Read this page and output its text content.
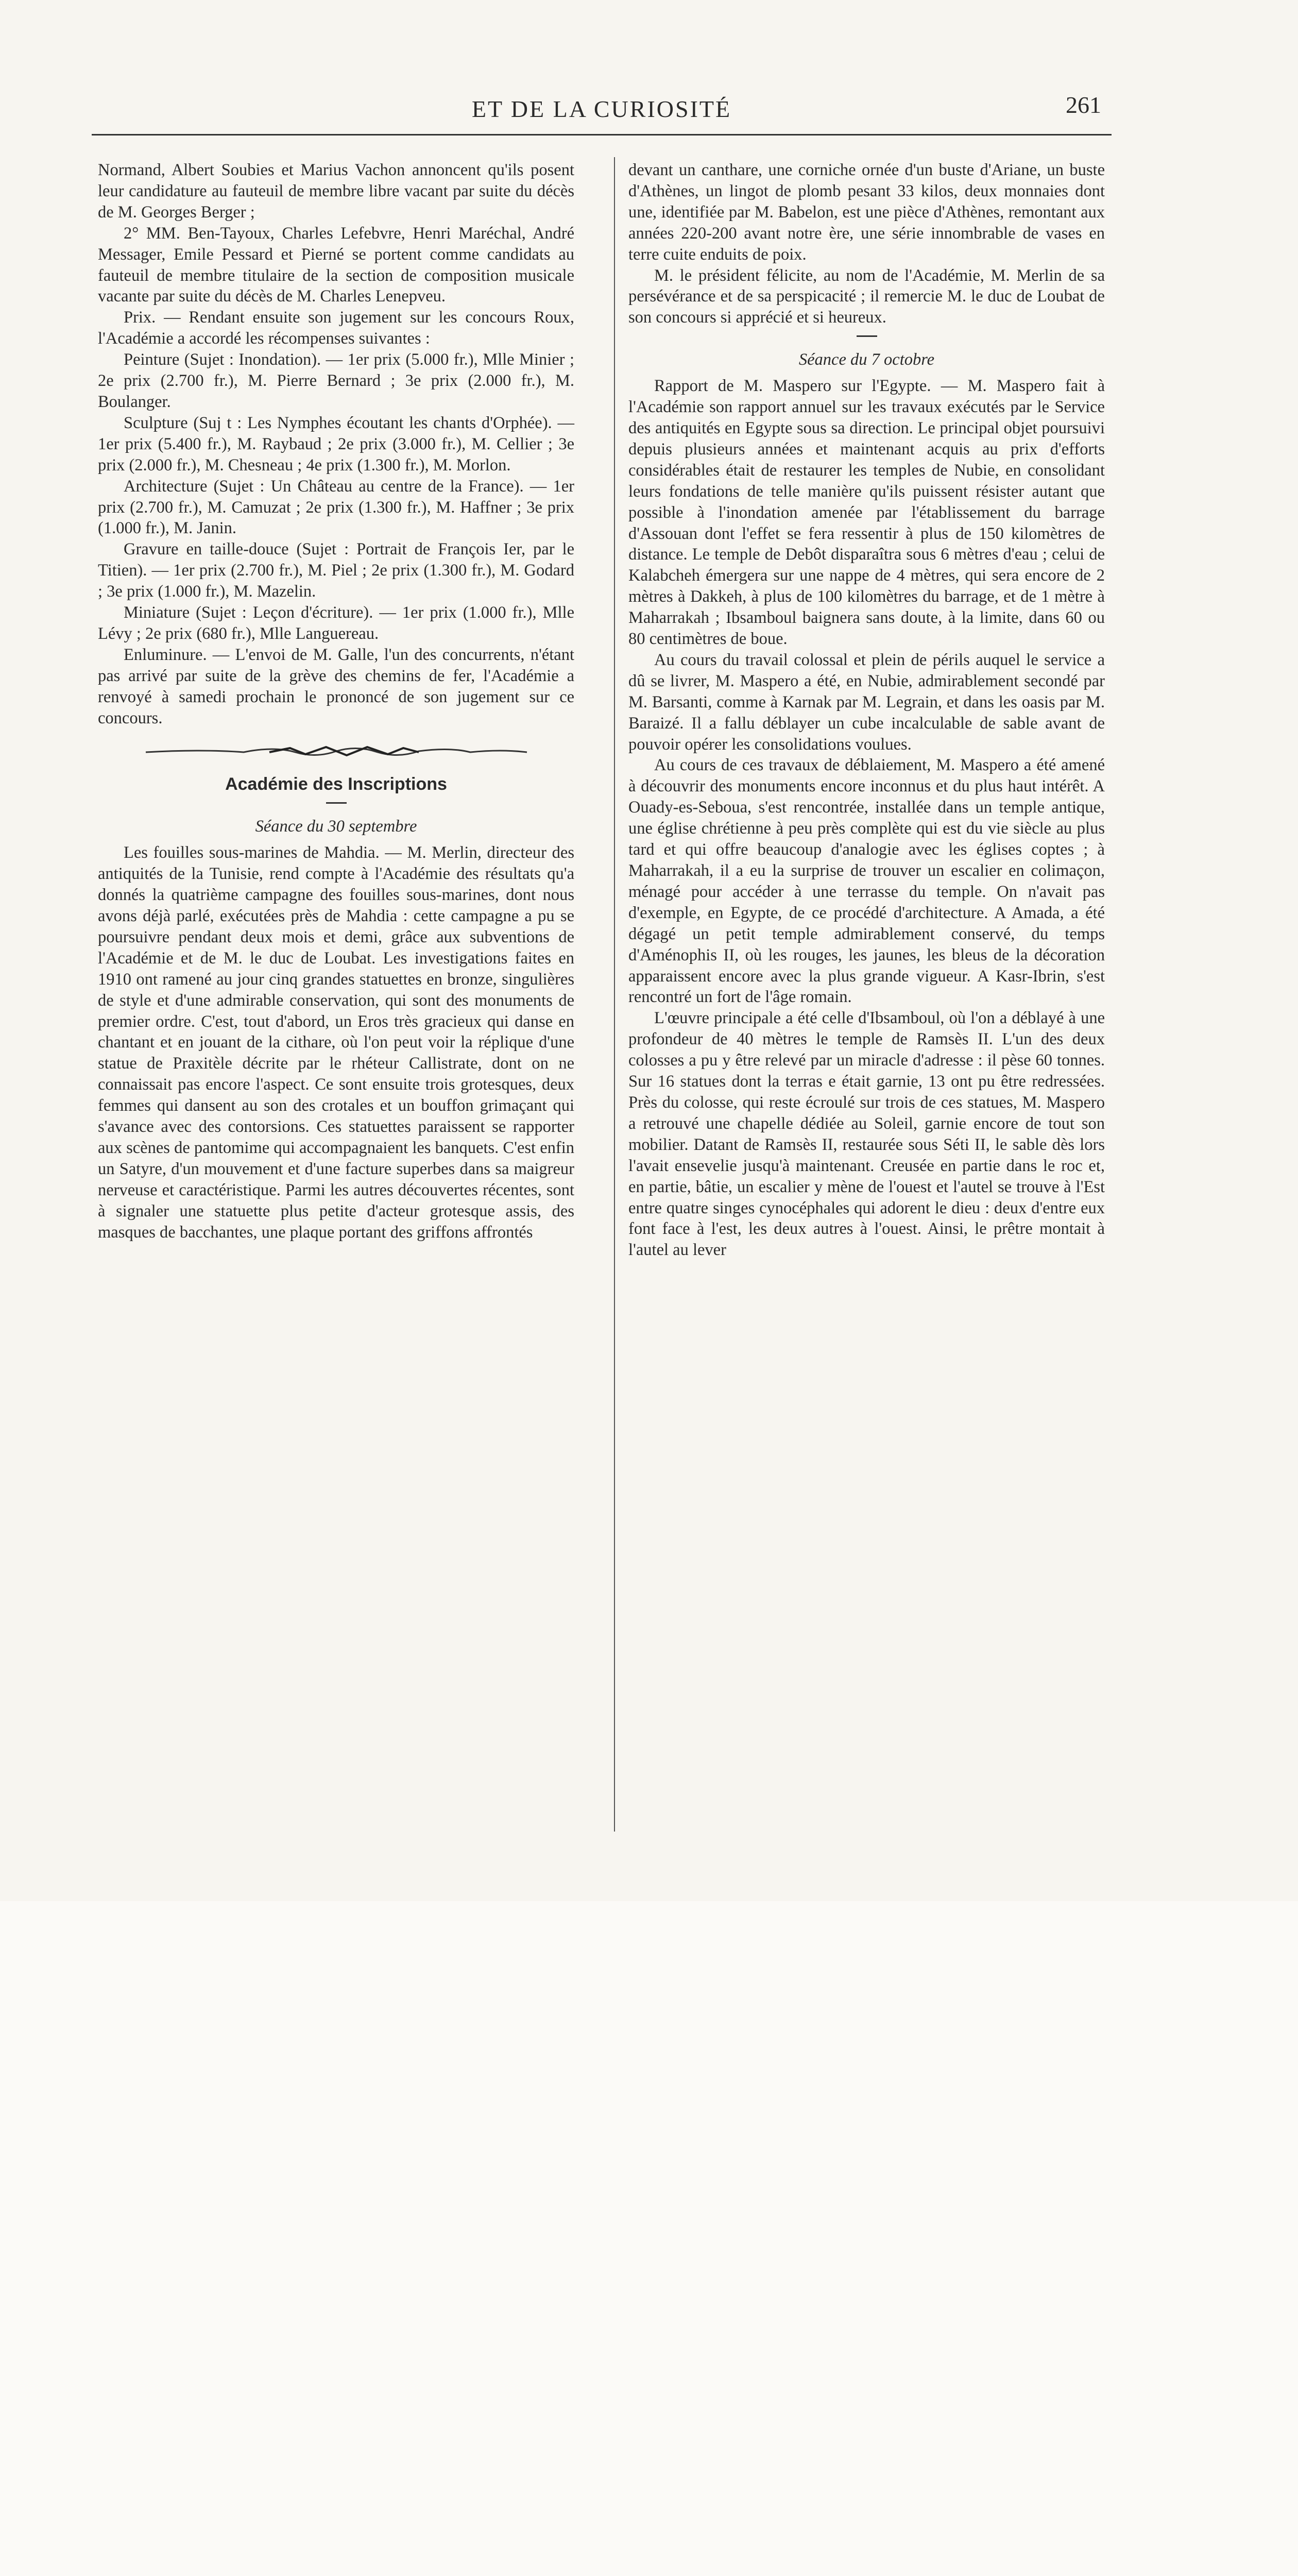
ET DE LA CURIOSITÉ	261

Normand, Albert Soubies et Marius Vachon annoncent qu'ils posent leur candidature au fauteuil de membre libre vacant par suite du décès de M. Georges Berger ;

2° MM. Ben-Tayoux, Charles Lefebvre, Henri Maréchal, André Messager, Emile Pessard et Pierné se portent comme candidats au fauteuil de membre titulaire de la section de composition musicale vacante par suite du décès de M. Charles Lenepveu.

Prix. — Rendant ensuite son jugement sur les concours Roux, l'Académie a accordé les récompenses suivantes :

Peinture (Sujet : Inondation). — 1er prix (5.000 fr.), Mlle Minier ; 2e prix (2.700 fr.), M. Pierre Bernard ; 3e prix (2.000 fr.), M. Boulanger.

Sculpture (Suj t : Les Nymphes écoutant les chants d'Orphée). — 1er prix (5.400 fr.), M. Raybaud ; 2e prix (3.000 fr.), M. Cellier ; 3e prix (2.000 fr.), M. Chesneau ; 4e prix (1.300 fr.), M. Morlon.

Architecture (Sujet : Un Château au centre de la France). — 1er prix (2.700 fr.), M. Camuzat ; 2e prix (1.300 fr.), M. Haffner ; 3e prix (1.000 fr.), M. Janin.

Gravure en taille-douce (Sujet : Portrait de François Ier, par le Titien). — 1er prix (2.700 fr.), M. Piel ; 2e prix (1.300 fr.), M. Godard ; 3e prix (1.000 fr.), M. Mazelin.

Miniature (Sujet : Leçon d'écriture). — 1er prix (1.000 fr.), Mlle Lévy ; 2e prix (680 fr.), Mlle Languereau.

Enluminure. — L'envoi de M. Galle, l'un des concurrents, n'étant pas arrivé par suite de la grève des chemins de fer, l'Académie a renvoyé à samedi prochain le prononcé de son jugement sur ce concours.

Académie des Inscriptions
Séance du 30 septembre

Les fouilles sous-marines de Mahdia. — M. Merlin, directeur des antiquités de la Tunisie, rend compte à l'Académie des résultats qu'a donnés la quatrième campagne des fouilles sous-marines, dont nous avons déjà parlé, exécutées près de Mahdia : cette campagne a pu se poursuivre pendant deux mois et demi, grâce aux subventions de l'Académie et de M. le duc de Loubat. Les investigations faites en 1910 ont ramené au jour cinq grandes statuettes en bronze, singulières de style et d'une admirable conservation, qui sont des monuments de premier ordre. C'est, tout d'abord, un Eros très gracieux qui danse en chantant et en jouant de la cithare, où l'on peut voir la réplique d'une statue de Praxitèle décrite par le rhéteur Callistrate, dont on ne connaissait pas encore l'aspect. Ce sont ensuite trois grotesques, deux femmes qui dansent au son des crotales et un bouffon grimaçant qui s'avance avec des contorsions. Ces statuettes paraissent se rapporter aux scènes de pantomime qui accompagnaient les banquets. C'est enfin un Satyre, d'un mouvement et d'une facture superbes dans sa maigreur nerveuse et caractéristique. Parmi les autres découvertes récentes, sont à signaler une statuette plus petite d'acteur grotesque assis, des masques de bacchantes, une plaque portant des griffons affrontés

devant un canthare, une corniche ornée d'un buste d'Ariane, un buste d'Athènes, un lingot de plomb pesant 33 kilos, deux monnaies dont une, identifiée par M. Babelon, est une pièce d'Athènes, remontant aux années 220-200 avant notre ère, une série innombrable de vases en terre cuite enduits de poix.

M. le président félicite, au nom de l'Académie, M. Merlin de sa persévérance et de sa perspicacité ; il remercie M. le duc de Loubat de son concours si apprécié et si heureux.

Séance du 7 octobre

Rapport de M. Maspero sur l'Egypte. — M. Maspero fait à l'Académie son rapport annuel sur les travaux exécutés par le Service des antiquités en Egypte sous sa direction. Le principal objet poursuivi depuis plusieurs années et maintenant acquis au prix d'efforts considérables était de restaurer les temples de Nubie, en consolidant leurs fondations de telle manière qu'ils puissent résister autant que possible à l'inondation amenée par l'établissement du barrage d'Assouan dont l'effet se fera ressentir à plus de 150 kilomètres de distance. Le temple de Debôt disparaîtra sous 6 mètres d'eau ; celui de Kalabcheh émergera sur une nappe de 4 mètres, qui sera encore de 2 mètres à Dakkeh, à plus de 100 kilomètres du barrage, et de 1 mètre à Maharrakah ; Ibsamboul baignera sans doute, à la limite, dans 60 ou 80 centimètres de boue.

Au cours du travail colossal et plein de périls auquel le service a dû se livrer, M. Maspero a été, en Nubie, admirablement secondé par M. Barsanti, comme à Karnak par M. Legrain, et dans les oasis par M. Baraizé. Il a fallu déblayer un cube incalculable de sable avant de pouvoir opérer les consolidations voulues.

Au cours de ces travaux de déblaiement, M. Maspero a été amené à découvrir des monuments encore inconnus et du plus haut intérêt. A Ouady-es-Seboua, s'est rencontrée, installée dans un temple antique, une église chrétienne à peu près complète qui est du vie siècle au plus tard et qui offre beaucoup d'analogie avec les églises coptes ; à Maharrakah, il a eu la surprise de trouver un escalier en colimaçon, ménagé pour accéder à une terrasse du temple. On n'avait pas d'exemple, en Egypte, de ce procédé d'architecture. A Amada, a été dégagé un petit temple admirablement conservé, du temps d'Aménophis II, où les rouges, les jaunes, les bleus de la décoration apparaissent encore avec la plus grande vigueur. A Kasr-Ibrin, s'est rencontré un fort de l'âge romain.

L'œuvre principale a été celle d'Ibsamboul, où l'on a déblayé à une profondeur de 40 mètres le temple de Ramsès II. L'un des deux colosses a pu y être relevé par un miracle d'adresse : il pèse 60 tonnes. Sur 16 statues dont la terras e était garnie, 13 ont pu être redressées. Près du colosse, qui reste écroulé sur trois de ces statues, M. Maspero a retrouvé une chapelle dédiée au Soleil, garnie encore de tout son mobilier. Datant de Ramsès II, restaurée sous Séti II, le sable dès lors l'avait ensevelie jusqu'à maintenant. Creusée en partie dans le roc et, en partie, bâtie, un escalier y mène de l'ouest et l'autel se trouve à l'Est entre quatre singes cynocéphales qui adorent le dieu : deux d'entre eux font face à l'est, les deux autres à l'ouest. Ainsi, le prêtre montait à l'autel au lever
